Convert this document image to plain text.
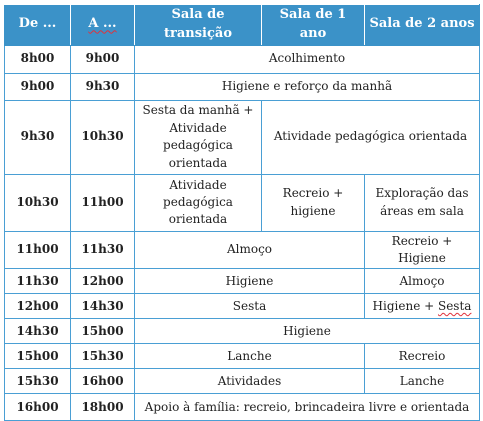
De ...	A ...	Sala de transição	Sala de 1 ano	Sala de 2 anos
8h00	9h00	Acolhimento		
9h00	9h30	Higiene e reforço da manhã		
9h30	10h30	Sesta da manhã + Atividade pedagógica orientada	Atividade pedagógica orientada	
10h30	11h00	Atividade pedagógica orientada	Recreio + higiene	Exploração das áreas em sala
11h00	11h30	Almoço		Recreio + Higiene
11h30	12h00	Higiene		Almoço
12h00	14h30	Sesta		Higiene + Sesta
14h30	15h00	Higiene		
15h00	15h30	Lanche		Recreio
15h30	16h00	Atividades		Lanche
16h00	18h00	Apoio à família: recreio, brincadeira livre e orientada		
